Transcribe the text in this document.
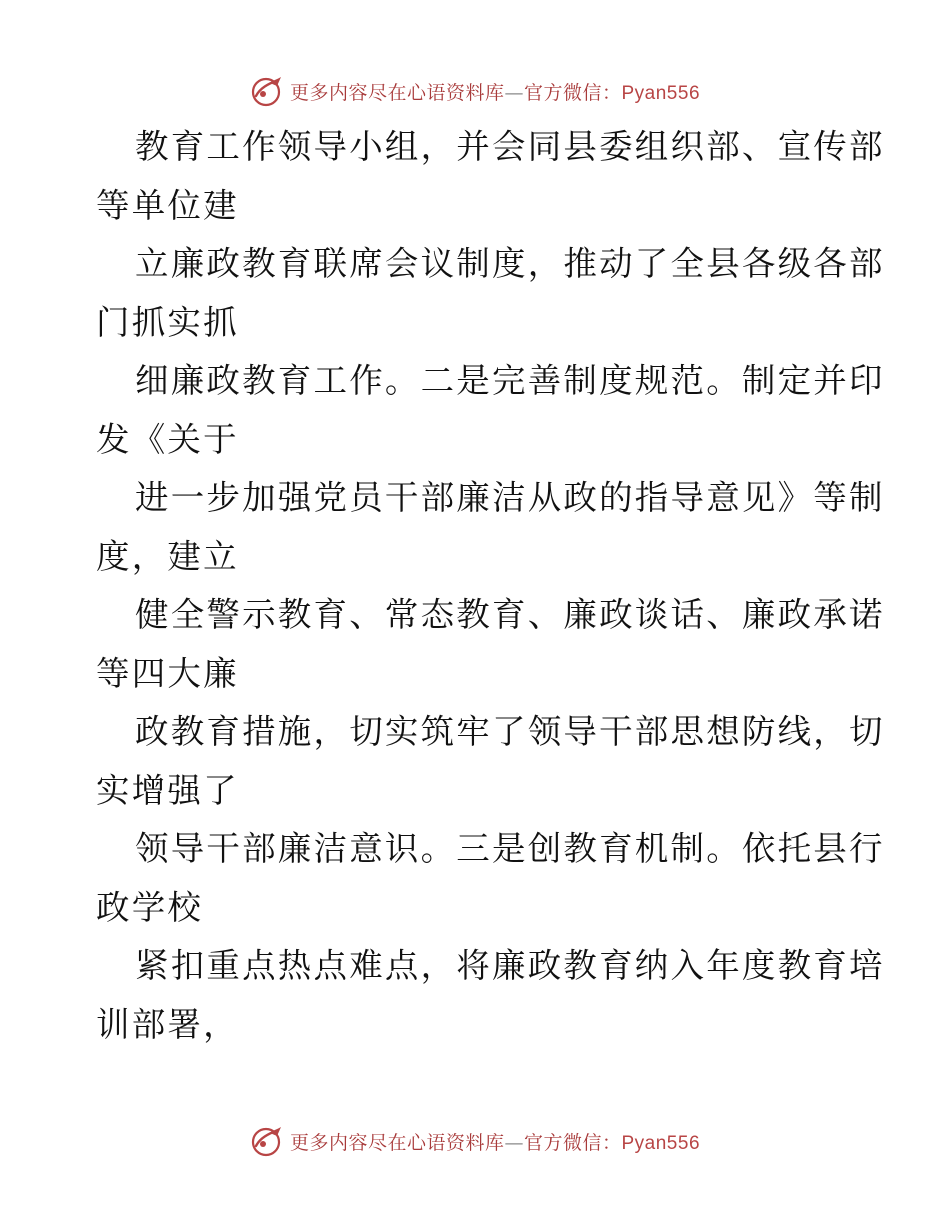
更多内容尽在心语资料库—官方微信：Pyan556
教育工作领导小组，并会同县委组织部、宣传部
等单位建
立廉政教育联席会议制度，推动了全县各级各部
门抓实抓
细廉政教育工作。二是完善制度规范。制定并印
发《关于
进一步加强党员干部廉洁从政的指导意见》等制
度，建立
健全警示教育、常态教育、廉政谈话、廉政承诺
等四大廉
政教育措施，切实筑牢了领导干部思想防线，切
实增强了
领导干部廉洁意识。三是创教育机制。依托县行
政学校
紧扣重点热点难点，将廉政教育纳入年度教育培
训部署，
更多内容尽在心语资料库—官方微信：Pyan556
